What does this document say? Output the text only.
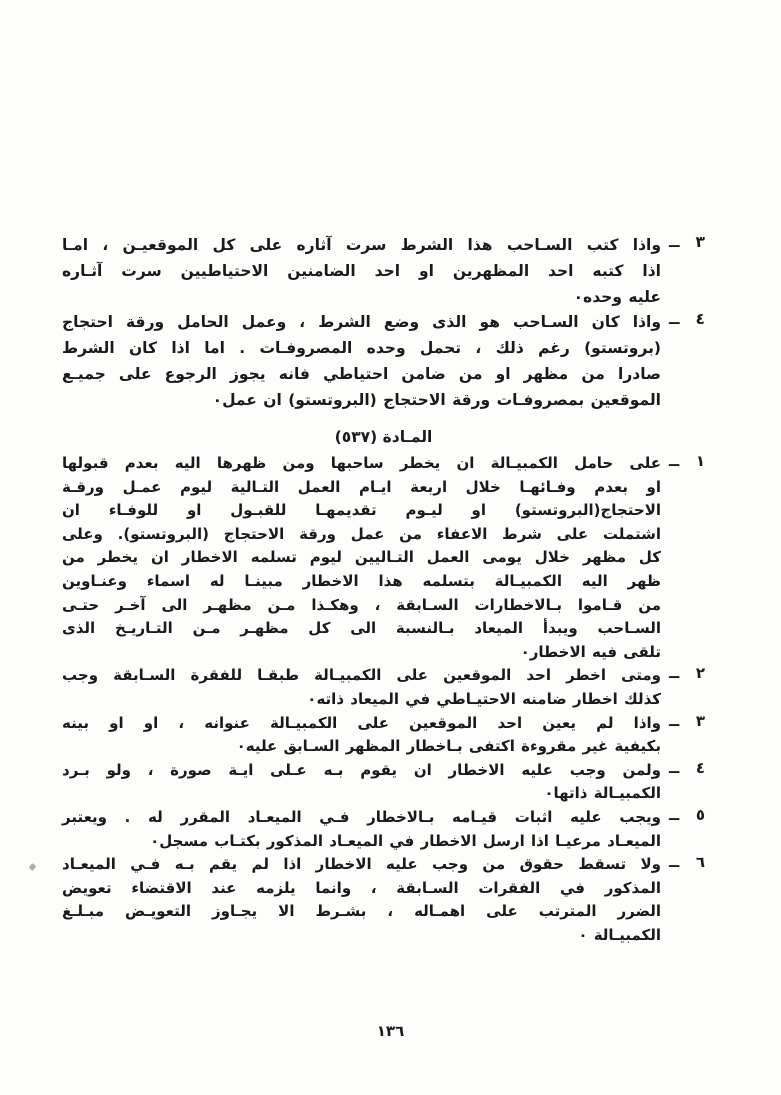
٣
ــ
واذا كتب السـاحب هذا الشرط سرت آثاره على كل الموقعيـن ، امـا
اذا كتبه احد المظهرين او احد الضامنين الاحتياطيين سرت آثـاره
عليه وحده٠
٤
ــ
واذا كان السـاحب هو الذى وضع الشرط ، وعمل الحامل ورقة احتجاج
(بروتستو) رغم ذلك ، تحمل وحده المصروفـات . اما اذا كان الشرط
صادرا من مظهر او من ضامن احتياطي فانه يجوز الرجوع على جميـع
الموقعين بمصروفـات ورقة الاحتجاج (البروتستو) ان عمل٠
المـادة (٥٣٧)
١
ــ
على حامل الكمبيـالة ان يخطر ساحبها ومن ظهرها اليه بعدم قبولها
او بعدم وفـائهـا خلال اربعة ايـام العمل التـالية ليوم عمـل ورقـة
الاحتجاج(البروتستو) او ليـوم تقديمهـا للقبـول او للوفـاء ان
اشتملت على شرط الاعفاء من عمل ورقة الاحتجاج (البروتستو). وعلى
كل مظهر خلال يومى العمل التـاليين ليوم تسلمه الاخطار ان يخطر من
ظهر اليه الكمبيـالة بتسلمه هذا الاخطار مبينـا له اسماء وعنـاوين
من قـاموا بـالاخطارات السـابقة ، وهكـذا مـن مظهـر الى آخـر حتـى
السـاحب ويبدأ الميعاد بـالنسبة الى كل مظهـر مـن التـاريـخ الذى
تلقى فيه الاخطار٠
٢
ــ
ومتى اخطر احد الموقعين على الكمبيـالة طبقـا للفقرة السـابقة وجب
كذلك اخطار ضامنه الاحتيـاطي في الميعاد ذاته٠
٣
ــ
واذا لم يعين احد الموقعين على الكمبيـالة عنوانه ، او او بينه
بكيفية غير مقروءة اكتفى بـاخطار المظهر السـابق عليه٠
٤
ــ
ولمن وجب عليه الاخطار ان يقوم بـه عـلى ايـة صورة ، ولو بـرد
الكمبيـالة ذاتها٠
٥
ــ
ويجب عليه اثبات قيـامه بـالاخطار فـي الميعـاد المقرر له . ويعتبر
الميعـاد مرعيـا اذا ارسل الاخطار في الميعـاد المذكور بكتـاب مسجل٠
٦
ــ
ولا تسقط حقوق من وجب عليه الاخطار اذا لم يقم بـه فـي الميعـاد
المذكور في الفقرات السـابقة ، وانما يلزمه عند الاقتضاء تعويض
الضرر المترتب على اهمـاله ، بشـرط الا يجـاوز التعويـض مبـلـغ
الكمبيـالة ٠
١٣٦
